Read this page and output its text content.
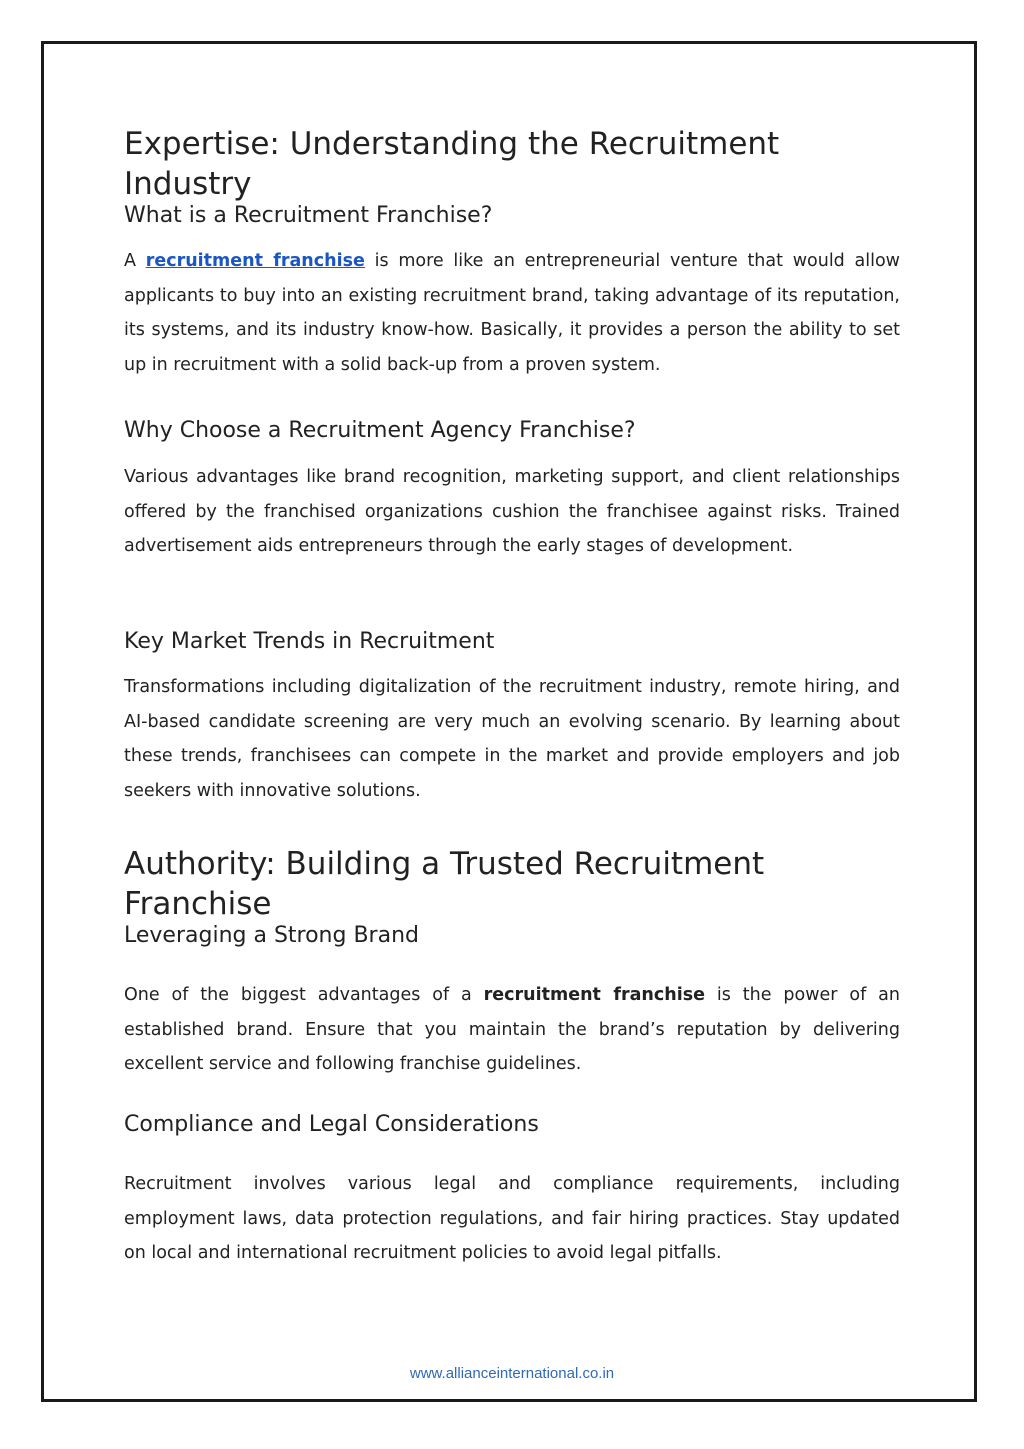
Expertise: Understanding the Recruitment Industry
What is a Recruitment Franchise?

A recruitment franchise is more like an entrepreneurial venture that would allow applicants to buy into an existing recruitment brand, taking advantage of its reputation, its systems, and its industry know-how. Basically, it provides a person the ability to set up in recruitment with a solid back-up from a proven system.

Why Choose a Recruitment Agency Franchise?

Various advantages like brand recognition, marketing support, and client relationships offered by the franchised organizations cushion the franchisee against risks. Trained advertisement aids entrepreneurs through the early stages of development.

Key Market Trends in Recruitment

Transformations including digitalization of the recruitment industry, remote hiring, and AI-based candidate screening are very much an evolving scenario. By learning about these trends, franchisees can compete in the market and provide employers and job seekers with innovative solutions.

Authority: Building a Trusted Recruitment Franchise
Leveraging a Strong Brand

One of the biggest advantages of a recruitment franchise is the power of an established brand. Ensure that you maintain the brand’s reputation by delivering excellent service and following franchise guidelines.

Compliance and Legal Considerations

Recruitment involves various legal and compliance requirements, including employment laws, data protection regulations, and fair hiring practices. Stay updated on local and international recruitment policies to avoid legal pitfalls.

www.allianceinternational.co.in
